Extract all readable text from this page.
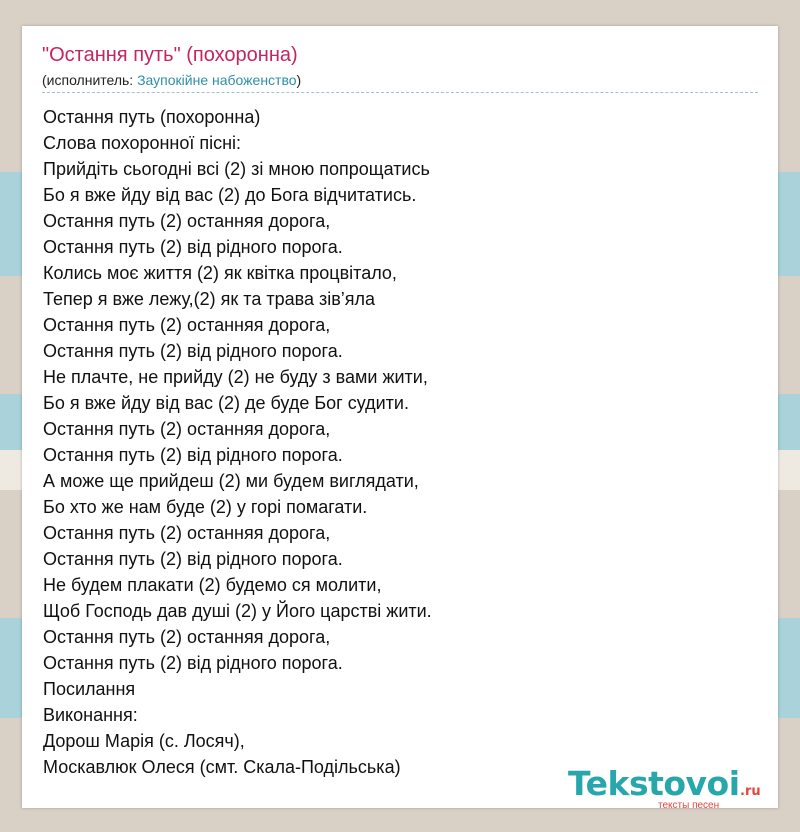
"Остання путь" (похоронна)
(исполнитель: Заупокійне набоженство)
Остання путь (похоронна)
Слова похоронної пісні:
Прийдіть сьогодні всі (2) зі мною попрощатись
Бо я вже йду від вас (2) до Бога відчитатись.
Остання путь (2) останняя дорога,
Остання путь (2) від рідного порога.
Колись моє життя (2) як квітка процвітало,
Тепер я вже лежу,(2) як та трава зів’яла
Остання путь (2) останняя дорога,
Остання путь (2) від рідного порога.
Не плачте, не прийду (2) не буду з вами жити,
Бо я вже йду від вас (2) де буде Бог судити.
Остання путь (2) останняя дорога,
Остання путь (2) від рідного порога.
А може ще прийдеш (2) ми будем виглядати,
Бо хто же нам буде (2) у горі помагати.
Остання путь (2) останняя дорога,
Остання путь (2) від рідного порога.
Не будем плакати (2) будемо ся молити,
Щоб Господь дав душі (2) у Його царстві жити.
Остання путь (2) останняя дорога,
Остання путь (2) від рідного порога.
Посилання
Виконання:
Дорош Марія (с. Лосяч),
Москавлюк Олеся (смт. Скала-Подільська)	Tekstovoi .ru
тексты песен
